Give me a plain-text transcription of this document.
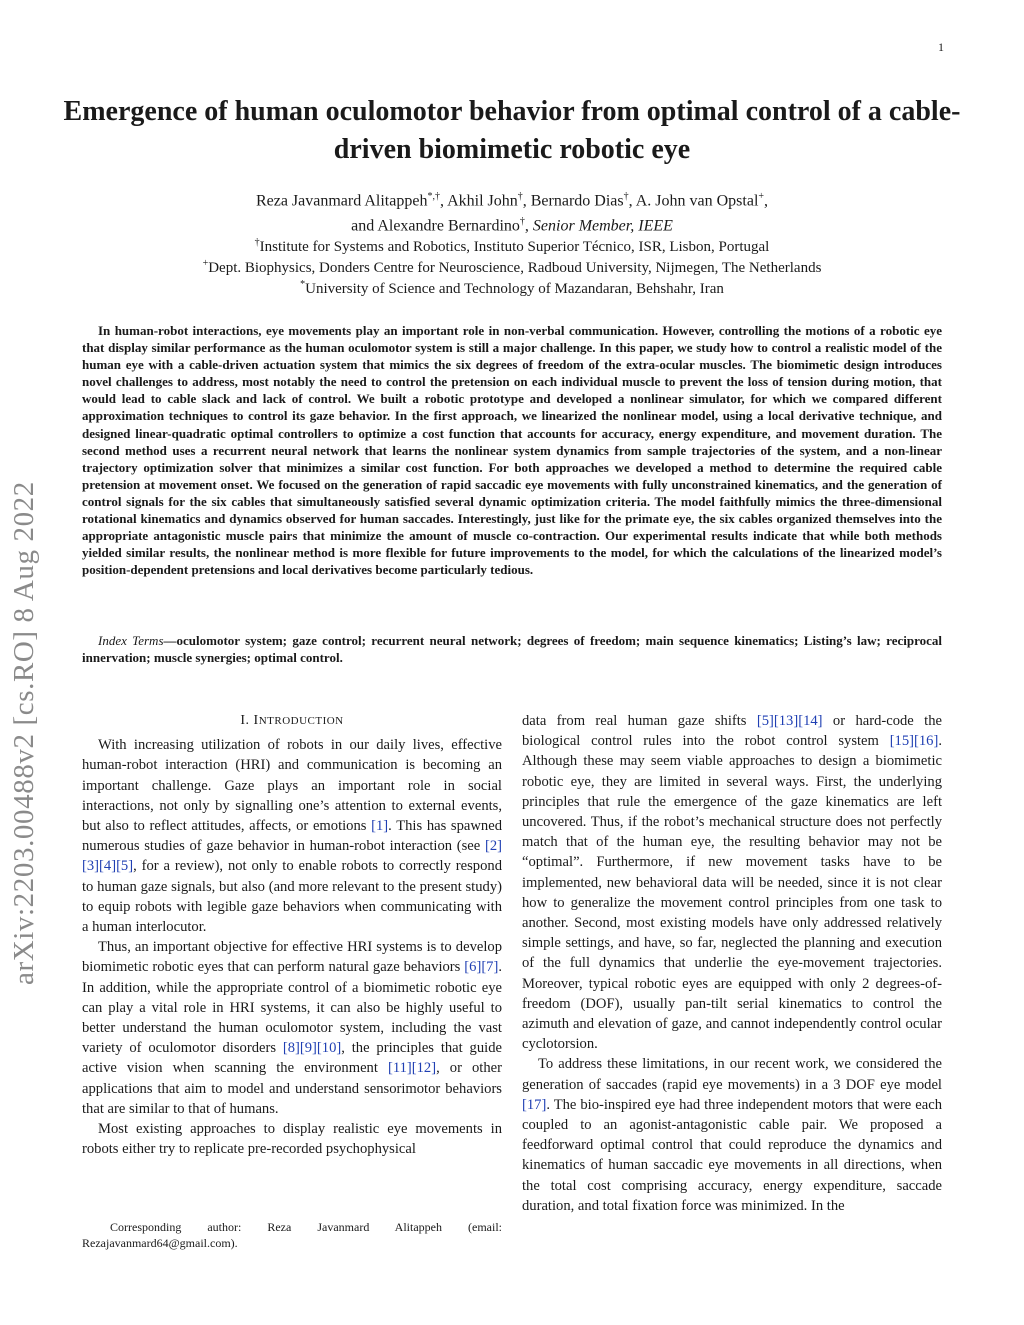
1
arXiv:2203.00488v2 [cs.RO] 8 Aug 2022
Emergence of human oculomotor behavior from optimal control of a cable-driven biomimetic robotic eye
Reza Javanmard Alitappeh*,†, Akhil John†, Bernardo Dias†, A. John van Opstal+,
and Alexandre Bernardino†, Senior Member, IEEE
†Institute for Systems and Robotics, Instituto Superior Técnico, ISR, Lisbon, Portugal
+Dept. Biophysics, Donders Centre for Neuroscience, Radboud University, Nijmegen, The Netherlands
*University of Science and Technology of Mazandaran, Behshahr, Iran
In human-robot interactions, eye movements play an important role in non-verbal communication. However, controlling the motions of a robotic eye that display similar performance as the human oculomotor system is still a major challenge. In this paper, we study how to control a realistic model of the human eye with a cable-driven actuation system that mimics the six degrees of freedom of the extra-ocular muscles. The biomimetic design introduces novel challenges to address, most notably the need to control the pretension on each individual muscle to prevent the loss of tension during motion, that would lead to cable slack and lack of control. We built a robotic prototype and developed a nonlinear simulator, for which we compared different approximation techniques to control its gaze behavior. In the first approach, we linearized the nonlinear model, using a local derivative technique, and designed linear-quadratic optimal controllers to optimize a cost function that accounts for accuracy, energy expenditure, and movement duration. The second method uses a recurrent neural network that learns the nonlinear system dynamics from sample trajectories of the system, and a non-linear trajectory optimization solver that minimizes a similar cost function. For both approaches we developed a method to determine the required cable pretension at movement onset. We focused on the generation of rapid saccadic eye movements with fully unconstrained kinematics, and the generation of control signals for the six cables that simultaneously satisfied several dynamic optimization criteria. The model faithfully mimics the three-dimensional rotational kinematics and dynamics observed for human saccades. Interestingly, just like for the primate eye, the six cables organized themselves into the appropriate antagonistic muscle pairs that minimize the amount of muscle co-contraction. Our experimental results indicate that while both methods yielded similar results, the nonlinear method is more flexible for future improvements to the model, for which the calculations of the linearized model’s position-dependent pretensions and local derivatives become particularly tedious.
Index Terms—oculomotor system; gaze control; recurrent neural network; degrees of freedom; main sequence kinematics; Listing’s law; reciprocal innervation; muscle synergies; optimal control.
I. INTRODUCTION

With increasing utilization of robots in our daily lives, effective human-robot interaction (HRI) and communication is becoming an important challenge. Gaze plays an important role in social interactions, not only by signalling one’s attention to external events, but also to reflect attitudes, affects, or emotions [1]. This has spawned numerous studies of gaze behavior in human-robot interaction (see [2][3][4][5], for a review), not only to enable robots to correctly respond to human gaze signals, but also (and more relevant to the present study) to equip robots with legible gaze behaviors when communicating with a human interlocutor.

Thus, an important objective for effective HRI systems is to develop biomimetic robotic eyes that can perform natural gaze behaviors [6][7]. In addition, while the appropriate control of a biomimetic robotic eye can play a vital role in HRI systems, it can also be highly useful to better understand the human oculomotor system, including the vast variety of oculomotor disorders [8][9][10], the principles that guide active vision when scanning the environment [11][12], or other applications that aim to model and understand sensorimotor behaviors that are similar to that of humans.

Most existing approaches to display realistic eye movements in robots either try to replicate pre-recorded psychophysical

data from real human gaze shifts [5][13][14] or hard-code the biological control rules into the robot control system [15][16]. Although these may seem viable approaches to design a biomimetic robotic eye, they are limited in several ways. First, the underlying principles that rule the emergence of the gaze kinematics are left uncovered. Thus, if the robot’s mechanical structure does not perfectly match that of the human eye, the resulting behavior may not be “optimal”. Furthermore, if new movement tasks have to be implemented, new behavioral data will be needed, since it is not clear how to generalize the movement control principles from one task to another. Second, most existing models have only addressed relatively simple settings, and have, so far, neglected the planning and execution of the full dynamics that underlie the eye-movement trajectories. Moreover, typical robotic eyes are equipped with only 2 degrees-of-freedom (DOF), usually pan-tilt serial kinematics to control the azimuth and elevation of gaze, and cannot independently control ocular cyclotorsion.

To address these limitations, in our recent work, we considered the generation of saccades (rapid eye movements) in a 3 DOF eye model [17]. The bio-inspired eye had three independent motors that were each coupled to an agonist-antagonistic cable pair. We proposed a feedforward optimal control that could reproduce the dynamics and kinematics of human saccadic eye movements in all directions, when the total cost comprising accuracy, energy expenditure, saccade duration, and total fixation force was minimized. In the

Corresponding author: Reza Javanmard Alitappeh (email: Rezajavanmard64@gmail.com).
